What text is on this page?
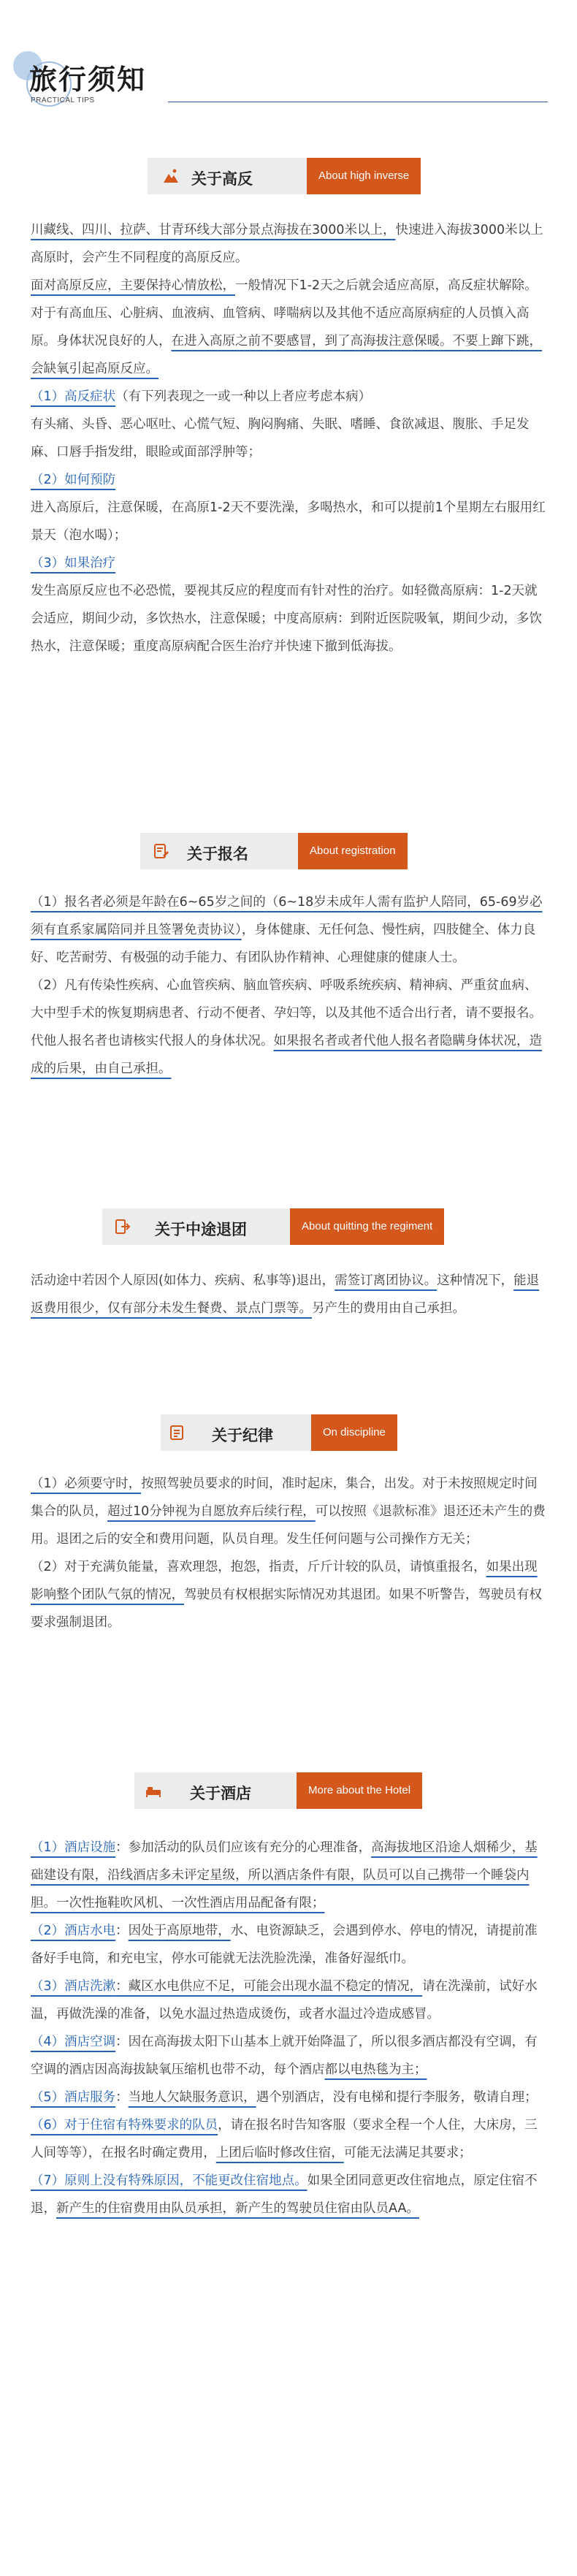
旅行须知
PRACTICAL TIPS
关于高反	About high inverse

川藏线、四川、拉萨、甘青环线大部分景点海拔在3000米以上，快速进入海拔3000米以上高原时，会产生不同程度的高原反应。

面对高原反应，主要保持心情放松，一般情况下1-2天之后就会适应高原，高反症状解除。对于有高血压、心脏病、血液病、血管病、哮喘病以及其他不适应高原病症的人员慎入高原。身体状况良好的人，在进入高原之前不要感冒，到了高海拔注意保暖。不要上蹿下跳，会缺氧引起高原反应。

（1）高反症状（有下列表现之一或一种以上者应考虑本病）

有头痛、头昏、恶心呕吐、心慌气短、胸闷胸痛、失眠、嗜睡、食欲减退、腹胀、手足发麻、口唇手指发绀，眼睑或面部浮肿等；

（2）如何预防

进入高原后，注意保暖，在高原1-2天不要洗澡，多喝热水，和可以提前1个星期左右服用红景天（泡水喝）；

（3）如果治疗

发生高原反应也不必恐慌，要视其反应的程度而有针对性的治疗。如轻微高原病：1-2天就会适应，期间少动，多饮热水，注意保暖；中度高原病：到附近医院吸氧，期间少动，多饮热水，注意保暖；重度高原病配合医生治疗并快速下撤到低海拔。

关于报名	About registration

（1）报名者必须是年龄在6~65岁之间的（6~18岁未成年人需有监护人陪同，65-69岁必须有直系家属陪同并且签署免责协议），身体健康、无任何急、慢性病，四肢健全、体力良好、吃苦耐劳、有极强的动手能力、有团队协作精神、心理健康的健康人士。

（2）凡有传染性疾病、心血管疾病、脑血管疾病、呼吸系统疾病、精神病、严重贫血病、大中型手术的恢复期病患者、行动不便者、孕妇等，以及其他不适合出行者，请不要报名。代他人报名者也请核实代报人的身体状况。如果报名者或者代他人报名者隐瞒身体状况，造成的后果，由自己承担。

关于中途退团	About quitting the regiment

活动途中若因个人原因(如体力、疾病、私事等)退出，需签订离团协议。这种情况下，能退返费用很少，仅有部分未发生餐费、景点门票等。另产生的费用由自己承担。

关于纪律	On discipline

（1）必须要守时，按照驾驶员要求的时间，准时起床，集合，出发。对于未按照规定时间集合的队员，超过10分钟视为自愿放弃后续行程，可以按照《退款标准》退还还未产生的费用。退团之后的安全和费用问题，队员自理。发生任何问题与公司操作方无关；

（2）对于充满负能量，喜欢理怨，抱怨，指责，斤斤计较的队员，请慎重报名，如果出现影响整个团队气氛的情况，驾驶员有权根据实际情况劝其退团。如果不听警告，驾驶员有权要求强制退团。

关于酒店	More about the Hotel

（1）酒店设施：参加活动的队员们应该有充分的心理准备，高海拔地区沿途人烟稀少，基础建设有限，沿线酒店多未评定星级，所以酒店条件有限，队员可以自己携带一个睡袋内胆。一次性拖鞋吹风机、一次性酒店用品配备有限；

（2）酒店水电：因处于高原地带，水、电资源缺乏，会遇到停水、停电的情况，请提前准备好手电筒，和充电宝，停水可能就无法洗脸洗澡，准备好湿纸巾。

（3）酒店洗漱：藏区水电供应不足，可能会出现水温不稳定的情况，请在洗澡前，试好水温，再做洗澡的准备，以免水温过热造成烫伤，或者水温过冷造成感冒。

（4）酒店空调：因在高海拔太阳下山基本上就开始降温了，所以很多酒店都没有空调，有空调的酒店因高海拔缺氧压缩机也带不动，每个酒店都以电热毯为主；

（5）酒店服务：当地人欠缺服务意识，遇个别酒店，没有电梯和提行李服务，敬请自理；

（6）对于住宿有特殊要求的队员，请在报名时告知客服（要求全程一个人住，大床房，三人间等等），在报名时确定费用，上团后临时修改住宿，可能无法满足其要求；

（7）原则上没有特殊原因，不能更改住宿地点。如果全团同意更改住宿地点，原定住宿不退，新产生的住宿费用由队员承担，新产生的驾驶员住宿由队员AA。
